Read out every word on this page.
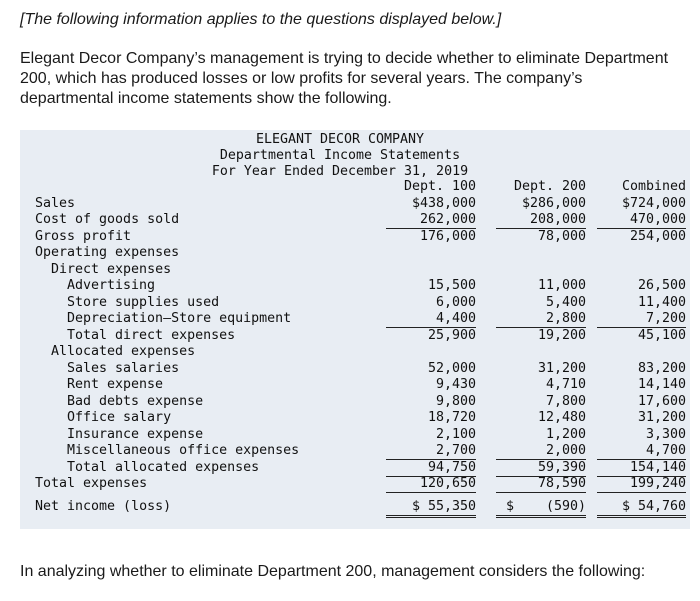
[The following information applies to the questions displayed below.]
Elegant Decor Company’s management is trying to decide whether to eliminate Department 200, which has produced losses or low profits for several years. The company’s departmental income statements show the following.
ELEGANT DECOR COMPANY
Departmental Income Statements
For Year Ended December 31, 2019
Dept. 100	Dept. 200	Combined
Sales	$438,000	$286,000	$724,000
Cost of goods sold	262,000	208,000	470,000
Gross profit	176,000	78,000	254,000
Operating expenses
Direct expenses
Advertising	15,500	11,000	26,500
Store supplies used	6,000	5,400	11,400
Depreciation—Store equipment	4,400	2,800	7,200
Total direct expenses	25,900	19,200	45,100
Allocated expenses
Sales salaries	52,000	31,200	83,200
Rent expense	9,430	4,710	14,140
Bad debts expense	9,800	7,800	17,600
Office salary	18,720	12,480	31,200
Insurance expense	2,100	1,200	3,300
Miscellaneous office expenses	2,700	2,000	4,700
Total allocated expenses	94,750	59,390	154,140
Total expenses	120,650	78,590	199,240
Net income (loss)	$ 55,350	$    (590)	$ 54,760
In analyzing whether to eliminate Department 200, management considers the following:
